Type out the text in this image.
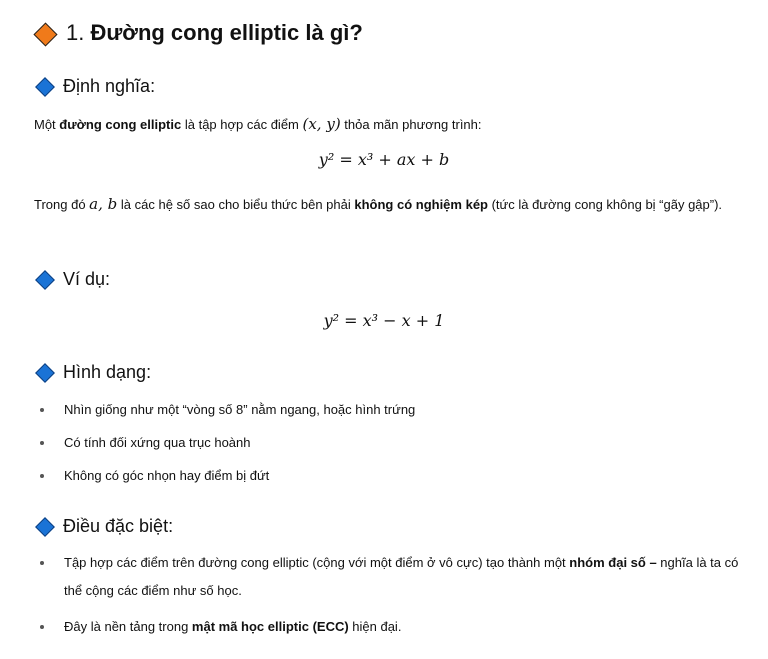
1. Đường cong elliptic là gì?
Định nghĩa:

Một đường cong elliptic là tập hợp các điểm (x, y) thỏa mãn phương trình:

y² = x³ + ax + b

Trong đó a, b là các hệ số sao cho biểu thức bên phải không có nghiệm kép (tức là đường cong không bị “gãy gập”).

Ví dụ:
y² = x³ − x + 1
Hình dạng:
Nhìn giống như một “vòng số 8” nằm ngang, hoặc hình trứng
Có tính đối xứng qua trục hoành
Không có góc nhọn hay điểm bị đứt
Điều đặc biệt:
Tập hợp các điểm trên đường cong elliptic (cộng với một điểm ở vô cực) tạo thành một nhóm đại số – nghĩa là ta có thể cộng các điểm như số học.
Đây là nền tảng trong mật mã học elliptic (ECC) hiện đại.
